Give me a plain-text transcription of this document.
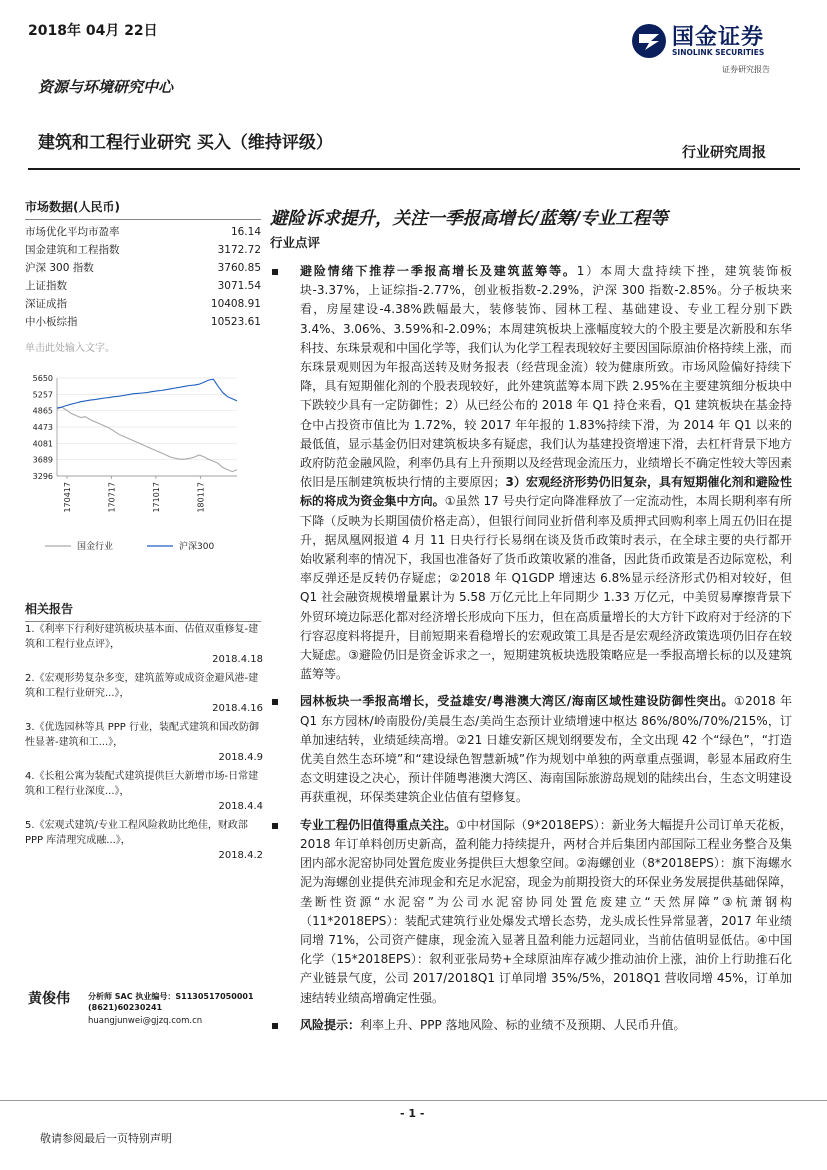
2018年 04月 22日	国金证券
SINOLINK SECURITIES
证券研究报告
资源与环境研究中心
建筑和工程行业研究 买入（维持评级）	行业研究周报
市场数据(人民币)
市场优化平均市盈率	16.14
国金建筑和工程指数	3172.72
沪深 300 指数	3760.85
上证指数	3071.54
深证成指	10408.91
中小板综指	10523.61
单击此处输入文字。
5650
5257
4865
4473
4081
3689
3296
170417	170717	171017	180117
国金行业	沪深300
相关报告
1.《利率下行利好建筑板块基本面、估值双重修复-建筑和工程行业点评》，
2018.4.18
2.《宏观形势复杂多变，建筑蓝筹或成资金避风港-建筑和工程行业研究...》，
2018.4.16
3.《优选园林等具 PPP 行业，装配式建筑和国改防御性显著-建筑和工...》，
2018.4.9
4.《长租公寓为装配式建筑提供巨大新增市场-日常建筑和工程行业深度...》，
2018.4.4
5.《宏观式建筑/专业工程风险救助比绝佳，财政部 PPP 库清理究成融...》，
2018.4.2
黄俊伟 分析师 SAC 执业编号：S1130517050001
(8621)60230241
huangjunwei@gjzq.com.cn
避险诉求提升，关注一季报高增长/蓝筹/专业工程等
行业点评
避险情绪下推荐一季报高增长及建筑蓝筹等。1）本周大盘持续下挫，建筑装饰板块-3.37%，上证综指-2.77%，创业板指数-2.29%，沪深 300 指数-2.85%。分子板块来看，房屋建设-4.38%跌幅最大，装修装饰、园林工程、基础建设、专业工程分别下跌 3.4%、3.06%、3.59%和-2.09%；本周建筑板块上涨幅度较大的个股主要是次新股和东华科技、东珠景观和中国化学等，我们认为化学工程表现较好主要因国际原油价格持续上涨，而东珠景观则因为年报高送转及财务报表（经营现金流）较为健康所致。市场风险偏好持续下降，具有短期催化剂的个股表现较好，此外建筑蓝筹本周下跌 2.95%在主要建筑细分板块中下跌较少具有一定防御性；2）从已经公布的 2018 年 Q1 持仓来看，Q1 建筑板块在基金持仓中占投资市值比为 1.72%，较 2017 年年报的 1.83%持续下滑，为 2014 年 Q1 以来的最低值，显示基金仍旧对建筑板块多有疑虑，我们认为基建投资增速下滑，去杠杆背景下地方政府防范金融风险，利率仍具有上升预期以及经营现金流压力，业绩增长不确定性较大等因素依旧是压制建筑板块行情的主要原因；3）宏观经济形势仍旧复杂，具有短期催化剂和避险性标的将成为资金集中方向。①虽然 17 号央行定向降准释放了一定流动性，本周长期利率有所下降（反映为长期国债价格走高），但银行间同业折借利率及质押式回购利率上周五仍旧在提升，据凤凰网报道 4 月 11 日央行行长易纲在谈及货币政策时表示，在全球主要的央行都开始收紧利率的情况下，我国也准备好了货币政策收紧的准备，因此货币政策是否边际宽松，利率反弹还是反转仍存疑虑；②2018 年 Q1GDP 增速达 6.8%显示经济形式仍相对较好，但 Q1 社会融资规模增量累计为 5.58 万亿元比上年同期少 1.33 万亿元，中美贸易摩擦背景下外贸环境边际恶化都对经济增长形成向下压力，但在高质量增长的大方针下政府对于经济的下行容忍度料将提升，目前短期来看稳增长的宏观政策工具是否是宏观经济政策选项仍旧存在较大疑虑。③避险仍旧是资金诉求之一，短期建筑板块选股策略应是一季报高增长标的以及建筑蓝筹等。
园林板块一季报高增长，受益雄安/粤港澳大湾区/海南区域性建设防御性突出。①2018 年 Q1 东方园林/岭南股份/美晨生态/美尚生态预计业绩增速中枢达 86%/80%/70%/215%，订单加速结转，业绩延续高增。②21 日雄安新区规划纲要发布，全文出现 42 个“绿色”，“打造优美自然生态环境”和“建设绿色智慧新城”作为规划中单独的两章重点强调，彰显本届政府生态文明建设之决心，预计伴随粤港澳大湾区、海南国际旅游岛规划的陆续出台，生态文明建设再获重视，环保类建筑企业估值有望修复。
专业工程仍旧值得重点关注。①中材国际（9*2018EPS）：新业务大幅提升公司订单天花板，2018 年订单料创历史新高，盈利能力持续提升，两材合并后集团内部国际工程业务整合及集团内部水泥窑协同处置危废业务提供巨大想象空间。②海螺创业（8*2018EPS）：旗下海螺水泥为海螺创业提供充沛现金和充足水泥窑，现金为前期投资大的环保业务发展提供基础保障，垄断性资源“水泥窑”为公司水泥窑协同处置危废建立“天然屏障”③杭萧钢构（11*2018EPS）：装配式建筑行业处爆发式增长态势，龙头成长性异常显著，2017 年业绩同增 71%，公司资产健康，现金流入显著且盈利能力远超同业，当前估值明显低估。④中国化学（15*2018EPS）：叙利亚张局势+全球原油库存减少推动油价上涨，油价上行助推石化产业链景气度，公司 2017/2018Q1 订单同增 35%/5%，2018Q1 营收同增 45%，订单加速结转业绩高增确定性强。
风险提示：利率上升、PPP 落地风险、标的业绩不及预期、人民币升值。
- 1 -
敬请参阅最后一页特别声明
